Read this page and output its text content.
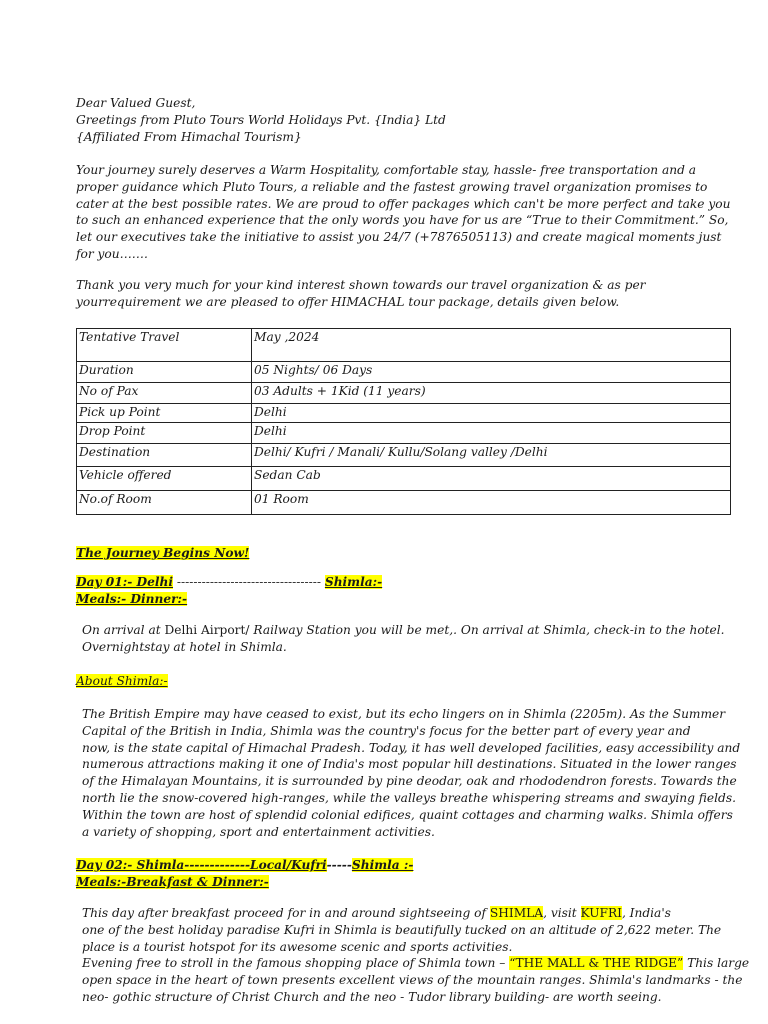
Dear Valued Guest,
Greetings from Pluto Tours World Holidays Pvt. {India} Ltd
{Affiliated From Himachal Tourism}
Your journey surely deserves a Warm Hospitality, comfortable stay, hassle- free transportation and a
proper guidance which Pluto Tours, a reliable and the fastest growing travel organization promises to
cater at the best possible rates. We are proud to offer packages which can't be more perfect and take you
to such an enhanced experience that the only words you have for us are “True to their Commitment.” So,
let our executives take the initiative to assist you 24/7 (+7876505113) and create magical moments just
for you…….
Thank you very much for your kind interest shown towards our travel organization & as per
yourrequirement we are pleased to offer HIMACHAL tour package, details given below.
Tentative Travel	May ,2024
Duration	05 Nights/ 06 Days
No of Pax	03 Adults + 1Kid (11 years)
Pick up Point	Delhi
Drop Point	Delhi
Destination	Delhi/ Kufri / Manali/ Kullu/Solang valley /Delhi
Vehicle offered	Sedan Cab
No.of Room	01 Room
The Journey Begins Now!
Day 01:- Delhi ----------------------------------- Shimla:-
Meals:- Dinner:-
On arrival at Delhi Airport/ Railway Station you will be met,. On arrival at Shimla, check-in to the hotel.
Overnightstay at hotel in Shimla.
About Shimla:-
The British Empire may have ceased to exist, but its echo lingers on in Shimla (2205m). As the Summer
Capital of the British in India, Shimla was the country's focus for the better part of every year and
now, is the state capital of Himachal Pradesh. Today, it has well developed facilities, easy accessibility and
numerous attractions making it one of India's most popular hill destinations. Situated in the lower ranges
of the Himalayan Mountains, it is surrounded by pine deodar, oak and rhododendron forests. Towards the
north lie the snow-covered high-ranges, while the valleys breathe whispering streams and swaying fields.
Within the town are host of splendid colonial edifices, quaint cottages and charming walks. Shimla offers
a variety of shopping, sport and entertainment activities.
Day 02:- Shimla-------------Local/Kufri-----Shimla :-
Meals:-Breakfast & Dinner:-
This day after breakfast proceed for in and around sightseeing of SHIMLA, visit KUFRI, India's
one of the best holiday paradise Kufri in Shimla is beautifully tucked on an altitude of 2,622 meter. The
place is a tourist hotspot for its awesome scenic and sports activities.
Evening free to stroll in the famous shopping place of Shimla town – “THE MALL & THE RIDGE” This large
open space in the heart of town presents excellent views of the mountain ranges. Shimla's landmarks - the
neo- gothic structure of Christ Church and the neo - Tudor library building- are worth seeing.
